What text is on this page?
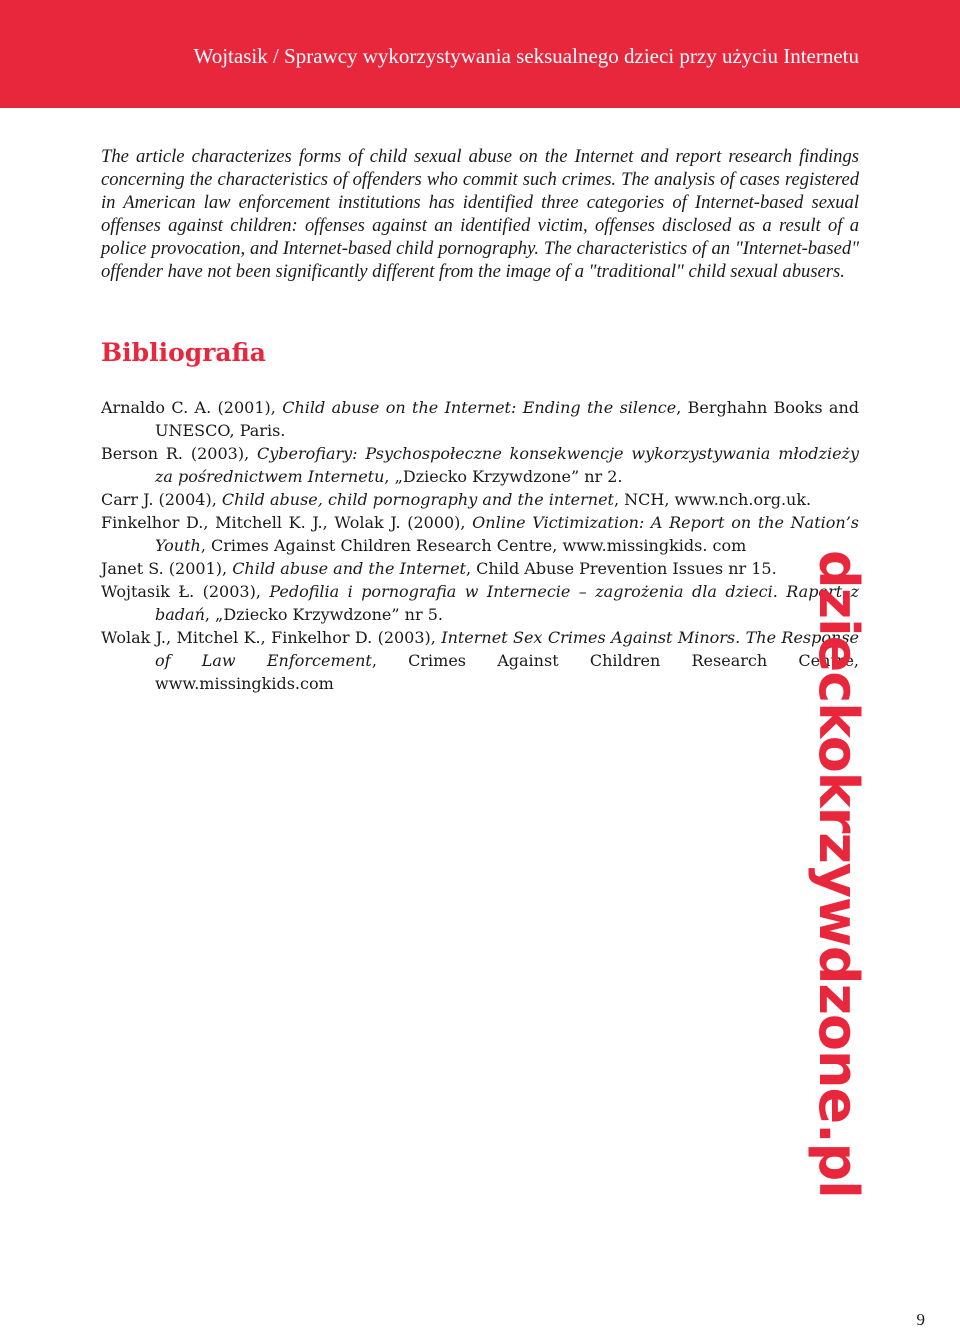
Wojtasik / Sprawcy wykorzystywania seksualnego dzieci przy użyciu Internetu

The article characterizes forms of child sexual abuse on the Internet and report research findings concerning the characteristics of offenders who commit such crimes. The analysis of cases registered in American law enforcement institutions has identified three categories of Internet-based sexual offenses against children: offenses against an identified victim, offenses disclosed as a result of a police provocation, and Internet-based child pornography. The characteristics of an "Internet-based" offender have not been significantly different from the image of a "traditional" child sexual abusers.

Bibliografia

Arnaldo C. A. (2001), Child abuse on the Internet: Ending the silence, Berghahn Books and UNESCO, Paris.

Berson R. (2003), Cyberofiary: Psychospołeczne konsekwencje wykorzystywania młodzieży za pośrednictwem Internetu, „Dziecko Krzywdzone” nr 2.

Carr J. (2004), Child abuse, child pornography and the internet, NCH, www.nch.org.uk.

Finkelhor D., Mitchell K. J., Wolak J. (2000), Online Victimization: A Report on the Nation’s Youth, Crimes Against Children Research Centre, www.missingkids. com

Janet S. (2001), Child abuse and the Internet, Child Abuse Prevention Issues nr 15.

Wojtasik Ł. (2003), Pedofilia i pornografia w Internecie – zagrożenia dla dzieci. Raport z badań, „Dziecko Krzywdzone” nr 5.

Wolak J., Mitchel K., Finkelhor D. (2003), Internet Sex Crimes Against Minors. The Response of Law Enforcement, Crimes Against Children Research Centre, www.missingkids.com	dzieckokrzywdzone.pl
9
